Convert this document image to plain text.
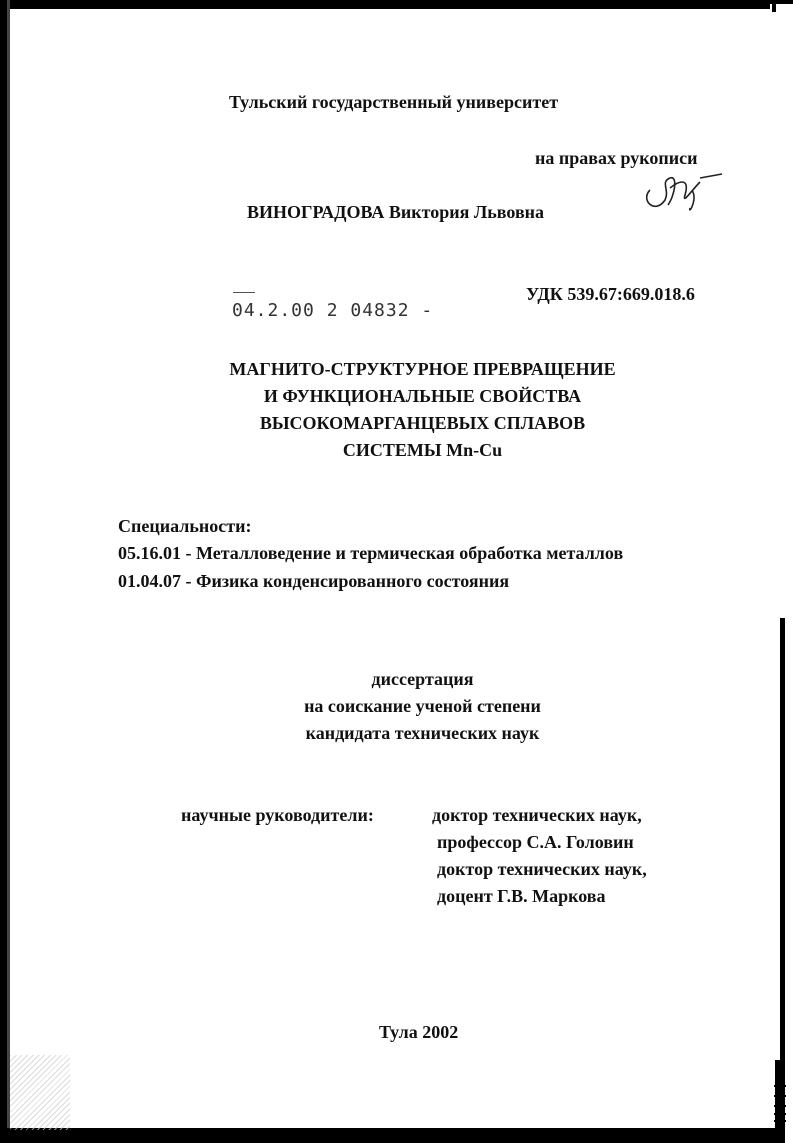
Тульский государственный университет
на правах рукописи
ВИНОГРАДОВА Виктория Львовна
УДК 539.67:669.018.6
04.2.00 2 04832 -
МАГНИТО-СТРУКТУРНОЕ ПРЕВРАЩЕНИЕ
И ФУНКЦИОНАЛЬНЫЕ СВОЙСТВА
ВЫСОКОМАРГАНЦЕВЫХ СПЛАВОВ
СИСТЕМЫ Mn-Cu
Специальности:
05.16.01 - Металловедение и термическая обработка металлов
01.04.07 - Физика конденсированного состояния
диссертация
на соискание ученой степени
кандидата технических наук
научные руководители:	доктор технических наук,
профессор С.А. Головин
доктор технических наук,
доцент Г.В. Маркова
Тула 2002
